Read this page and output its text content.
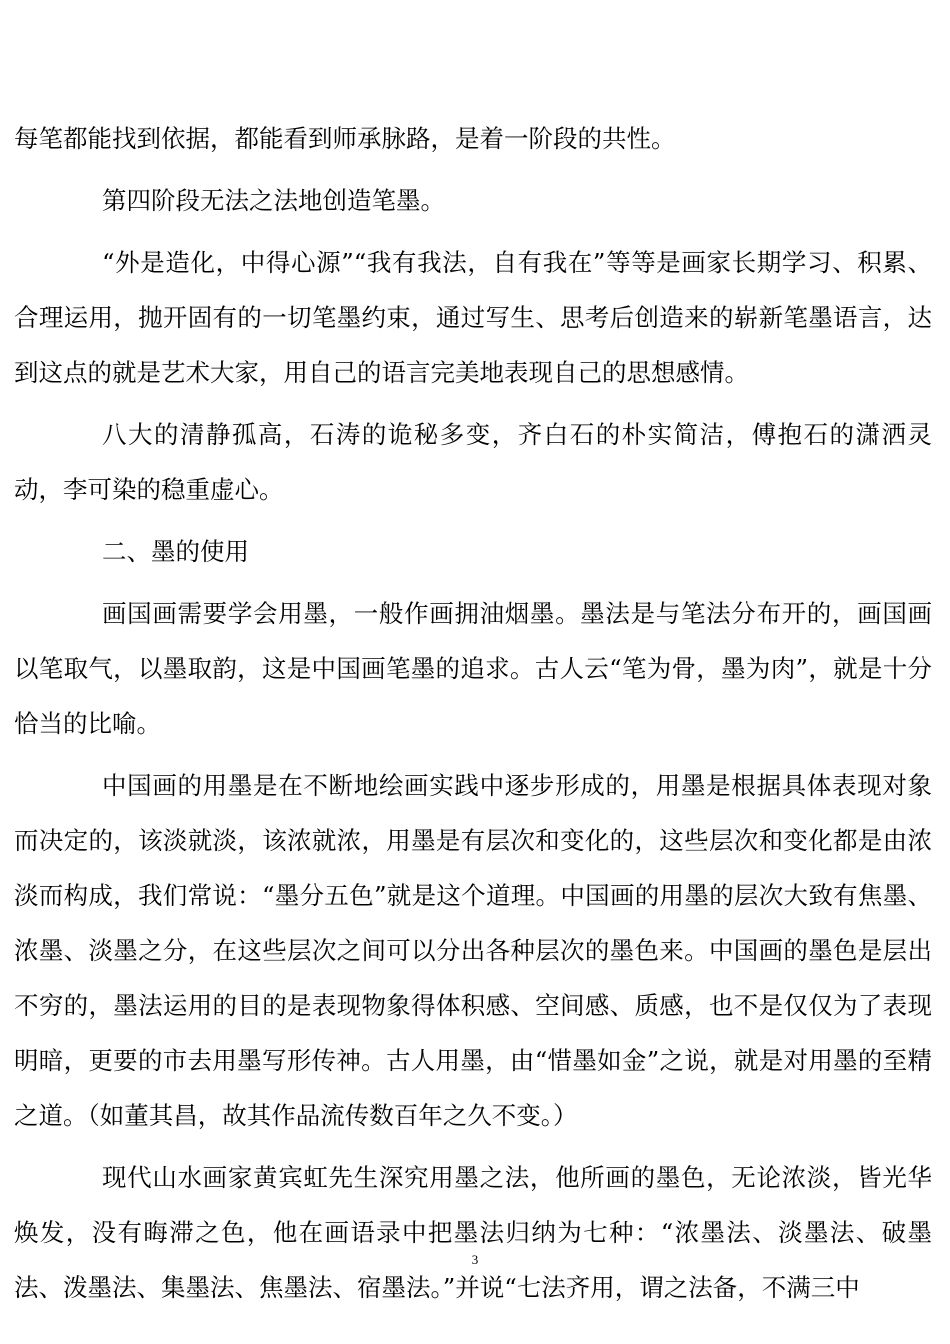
每笔都能找到依据，都能看到师承脉路，是着一阶段的共性。

第四阶段无法之法地创造笔墨。

“外是造化，中得心源”“我有我法，自有我在”等等是画家长期学习、积累、合理运用，抛开固有的一切笔墨约束，通过写生、思考后创造来的崭新笔墨语言，达到这点的就是艺术大家，用自己的语言完美地表现自己的思想感情。

八大的清静孤高，石涛的诡秘多变，齐白石的朴实简洁，傅抱石的潇洒灵动，李可染的稳重虚心。

二、墨的使用

画国画需要学会用墨，一般作画拥油烟墨。墨法是与笔法分布开的，画国画以笔取气，以墨取韵，这是中国画笔墨的追求。古人云“笔为骨，墨为肉”，就是十分恰当的比喻。

中国画的用墨是在不断地绘画实践中逐步形成的，用墨是根据具体表现对象而决定的，该淡就淡，该浓就浓，用墨是有层次和变化的，这些层次和变化都是由浓淡而构成，我们常说：“墨分五色”就是这个道理。中国画的用墨的层次大致有焦墨、浓墨、淡墨之分，在这些层次之间可以分出各种层次的墨色来。中国画的墨色是层出不穷的，墨法运用的目的是表现物象得体积感、空间感、质感，也不是仅仅为了表现明暗，更要的市去用墨写形传神。古人用墨，由“惜墨如金”之说，就是对用墨的至精之道。（如董其昌，故其作品流传数百年之久不变。）

现代山水画家黄宾虹先生深究用墨之法，他所画的墨色，无论浓淡，皆光华焕发，没有晦滞之色，他在画语录中把墨法归纳为七种：“浓墨法、淡墨法、破墨法、泼墨法、集墨法、焦墨法、宿墨法。”并说“七法齐用，谓之法备，不满三中

3
